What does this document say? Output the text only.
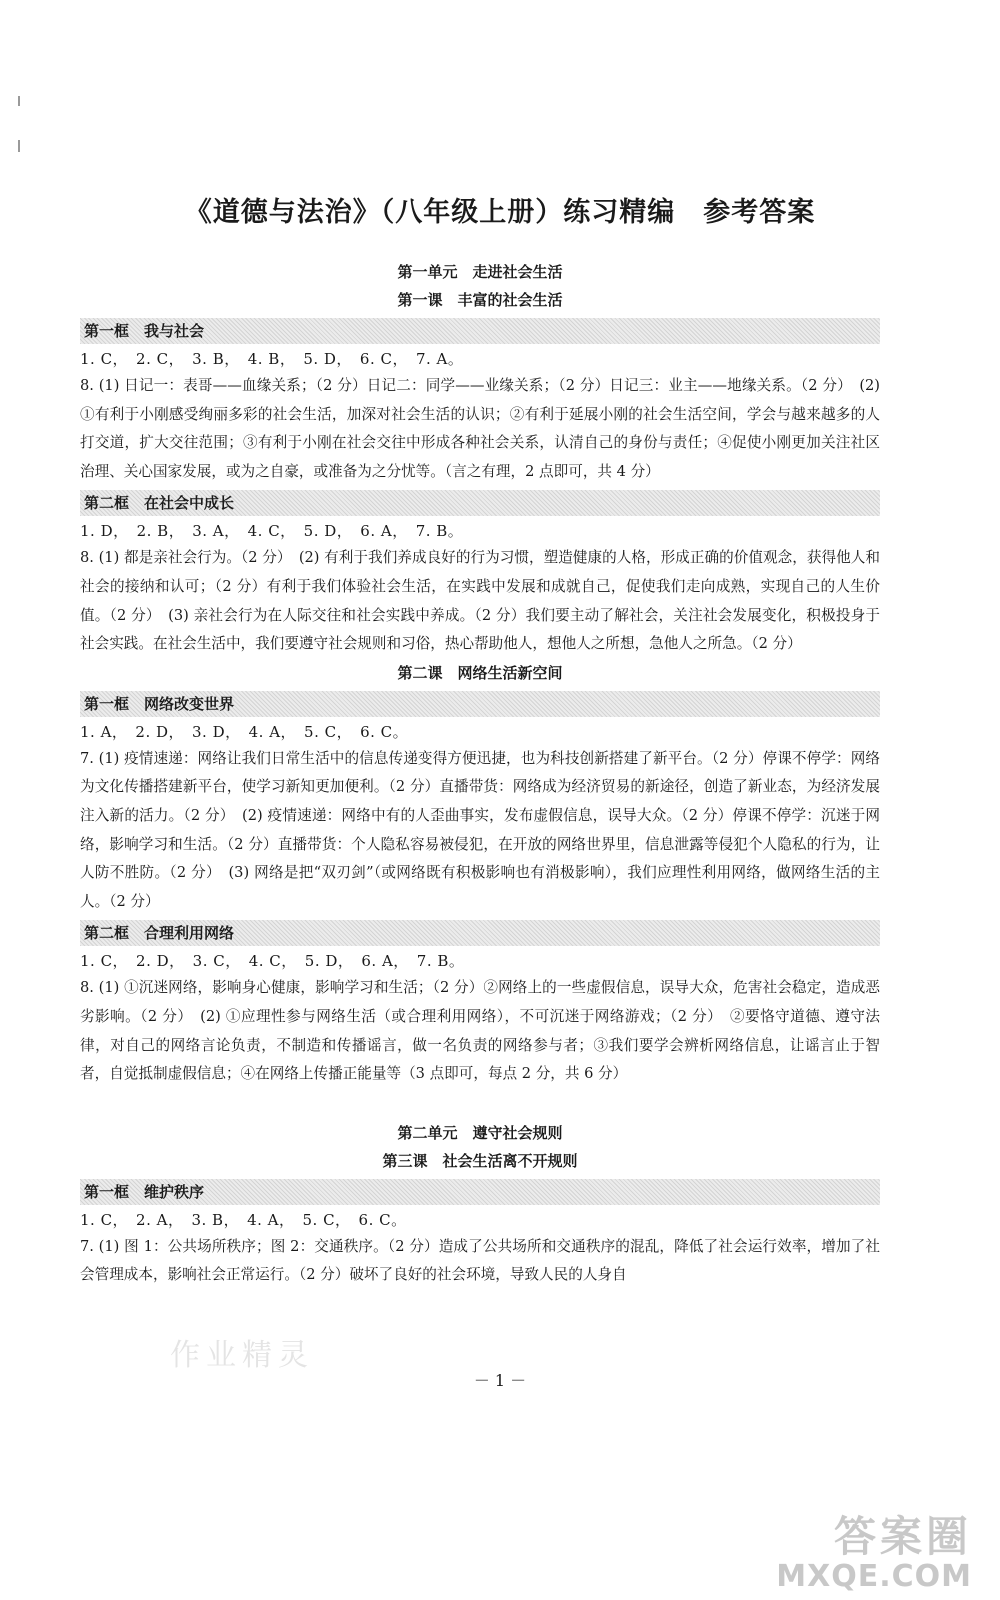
《道德与法治》（八年级上册）练习精编　参考答案
第一单元　走进社会生活
第一课　丰富的社会生活
第一框　我与社会
1. C，　2. C，　3. B，　4. B，　5. D，　6. C，　7. A。
8. (1) 日记一：表哥——血缘关系；（2 分）日记二：同学——业缘关系；（2 分）日记三：业主——地缘关系。（2 分）　(2) ①有利于小刚感受绚丽多彩的社会生活，加深对社会生活的认识；②有利于延展小刚的社会生活空间，学会与越来越多的人打交道，扩大交往范围；③有利于小刚在社会交往中形成各种社会关系，认清自己的身份与责任；④促使小刚更加关注社区治理、关心国家发展，或为之自豪，或准备为之分忧等。（言之有理，2 点即可，共 4 分）
第二框　在社会中成长
1. D，　2. B，　3. A，　4. C，　5. D，　6. A，　7. B。
8. (1) 都是亲社会行为。（2 分）　(2) 有利于我们养成良好的行为习惯，塑造健康的人格，形成正确的价值观念，获得他人和社会的接纳和认可；（2 分）有利于我们体验社会生活，在实践中发展和成就自己，促使我们走向成熟，实现自己的人生价值。（2 分）　(3) 亲社会行为在人际交往和社会实践中养成。（2 分）我们要主动了解社会，关注社会发展变化，积极投身于社会实践。在社会生活中，我们要遵守社会规则和习俗，热心帮助他人，想他人之所想，急他人之所急。（2 分）
第二课　网络生活新空间
第一框　网络改变世界
1. A，　2. D，　3. D，　4. A，　5. C，　6. C。
7. (1) 疫情速递：网络让我们日常生活中的信息传递变得方便迅捷，也为科技创新搭建了新平台。（2 分）停课不停学：网络为文化传播搭建新平台，使学习新知更加便利。（2 分）直播带货：网络成为经济贸易的新途径，创造了新业态，为经济发展注入新的活力。（2 分）　(2) 疫情速递：网络中有的人歪曲事实，发布虚假信息，误导大众。（2 分）停课不停学：沉迷于网络，影响学习和生活。（2 分）直播带货：个人隐私容易被侵犯，在开放的网络世界里，信息泄露等侵犯个人隐私的行为，让人防不胜防。（2 分）　(3) 网络是把“双刃剑”（或网络既有积极影响也有消极影响），我们应理性利用网络，做网络生活的主人。（2 分）
第二框　合理利用网络
1. C，　2. D，　3. C，　4. C，　5. D，　6. A，　7. B。
8. (1) ①沉迷网络，影响身心健康，影响学习和生活；（2 分）②网络上的一些虚假信息，误导大众，危害社会稳定，造成恶劣影响。（2 分）　(2) ①应理性参与网络生活（或合理利用网络），不可沉迷于网络游戏；（2 分）　②要恪守道德、遵守法律，对自己的网络言论负责，不制造和传播谣言，做一名负责的网络参与者；③我们要学会辨析网络信息，让谣言止于智者，自觉抵制虚假信息；④在网络上传播正能量等（3 点即可，每点 2 分，共 6 分）
第二单元　遵守社会规则
第三课　社会生活离不开规则
第一框　维护秩序
1. C，　2. A，　3. B，　4. A，　5. C，　6. C。
7. (1) 图 1：公共场所秩序；图 2：交通秩序。（2 分）造成了公共场所和交通秩序的混乱，降低了社会运行效率，增加了社会管理成本，影响社会正常运行。（2 分）破坏了良好的社会环境，导致人民的人身自
－ 1 －
作业精灵
答案圈
MXQE.COM
